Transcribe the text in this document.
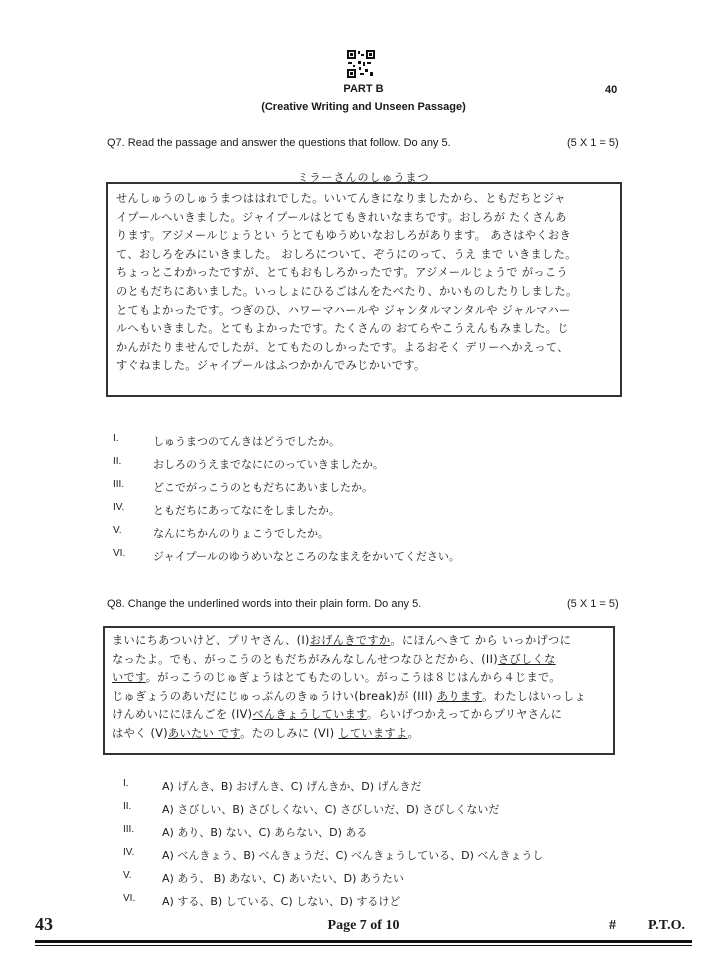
PART B
(Creative Writing and Unseen Passage)
40
Q7. Read the passage and answer the questions that follow. Do any 5.	(5 X 1 = 5)
ミラーさんのしゅうまつ

せんしゅうのしゅうまつははれでした。いいてんきになりましたから、ともだちとジャ

イプールへいきました。ジャイプールはとてもきれいなまちです。おしろが たくさんあ

ります。アジメールじょうとい うとてもゆうめいなおしろがあります。 あさはやくおき

て、おしろをみにいきました。 おしろについて、ぞうにのって、うえ まで いきました。

ちょっとこわかったですが、とてもおもしろかったです。アジメールじょうで がっこう

のともだちにあいました。いっしょにひるごはんをたべたり、かいものしたりしました。

とてもよかったです。つぎのひ、ハワーマハールや ジャンタルマンタルや ジャルマハー

ルへもいきました。とてもよかったです。たくさんの おてらやこうえんもみました。じ

かんがたりませんでしたが、とてもたのしかったです。よるおそく デリーへかえって、

すぐねました。ジャイプールはふつかかんでみじかいです。

I.	しゅうまつのてんきはどうでしたか。
II.	おしろのうえまでなににのっていきましたか。
III.	どこでがっこうのともだちにあいましたか。
IV.	ともだちにあってなにをしましたか。
V.	なんにちかんのりょこうでしたか。
VI.	ジャイプールのゆうめいなところのなまえをかいてください。
Q8. Change the underlined words into their plain form. Do any 5.	(5 X 1 = 5)

まいにちあついけど、プリヤさん、(I)おげんきですか。にほんへきて から いっかげつに

なったよ。でも、がっこうのともだちがみんなしんせつなひとだから、(II)さびしくな

いです。がっこうのじゅぎょうはとてもたのしい。がっこうは８じはんから４じまで。

じゅぎょうのあいだにじゅっぷんのきゅうけい(break)が (III) あります。わたしはいっしょ

けんめいににほんごを (IV)べんきょうしています。らいげつかえってからプリヤさんに

はやく (V)あいたい です。たのしみに (VI) していますよ。

I.	A) げんき、B) おげんき、C) げんきか、D) げんきだ
II.	A) さびしい、B) さびしくない、C) さびしいだ、D) さびしくないだ
III.	A) あり、B) ない、C) あらない、D) ある
IV.	A) べんきょう、B) べんきょうだ、C) べんきょうしている、D) べんきょうし
V.	A) あう、 B) あない、C) あいたい、D) あうたい
VI. A) する、B) している、C) しない、D) するけど
43	Page 7 of 10	# P.T.O.
